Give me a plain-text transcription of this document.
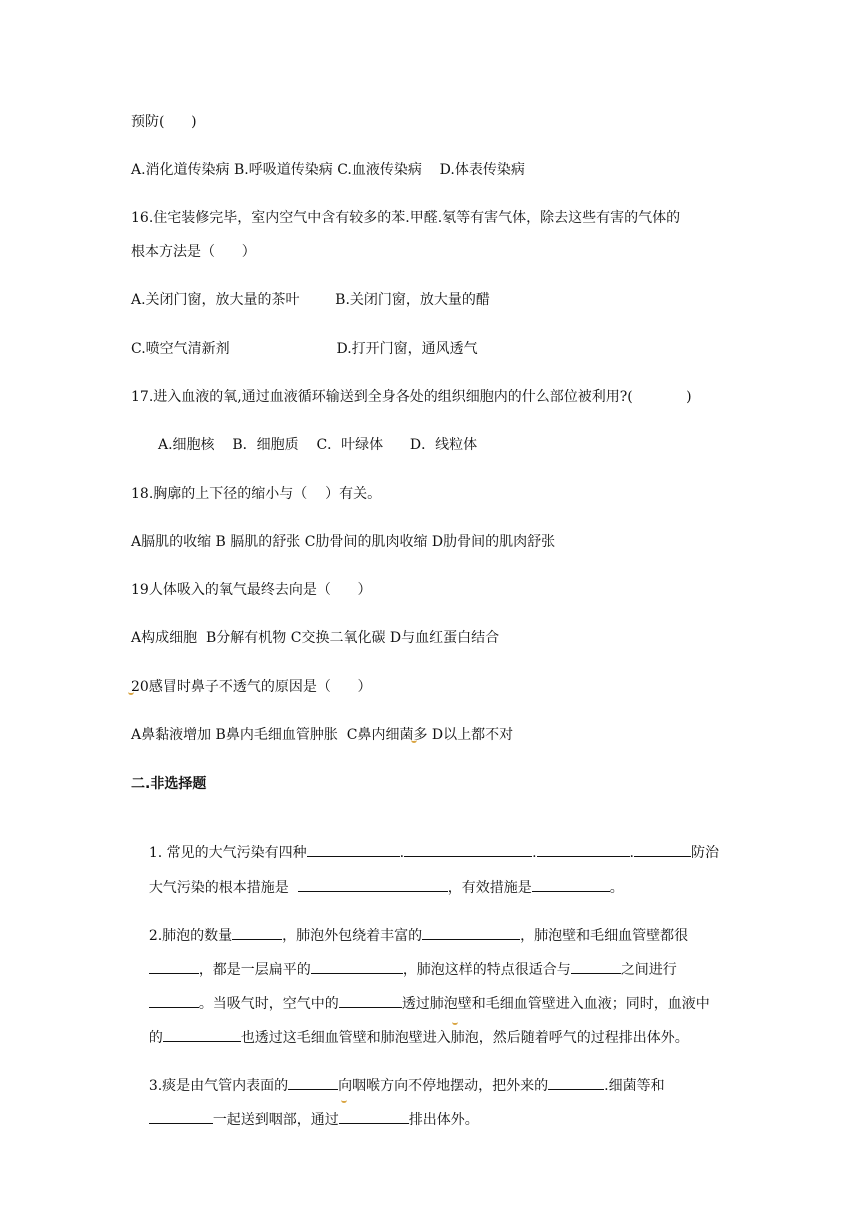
预防(      )
A.消化道传染病 B.呼吸道传染病 C.血液传染病    D.体表传染病
16.住宅装修完毕，室内空气中含有较多的苯.甲醛.氡等有害气体，除去这些有害的气体的
根本方法是（      ）
A.关闭门窗，放大量的茶叶        B.关闭门窗，放大量的醋
C.喷空气清新剂                        D.打开门窗，通风透气
17.进入血液的氧,通过血液循环输送到全身各处的组织细胞内的什么部位被利用?(            )
A.细胞核    B．细胞质    C．叶绿体      D．线粒体
18.胸廓的上下径的缩小与（    ）有关。
A膈肌的收缩 B 膈肌的舒张 C肋骨间的肌肉收缩 D肋骨间的肌肉舒张
19人体吸入的氧气最终去向是（      ）
A构成细胞  B分解有机物 C交换二氧化碳 D与血红蛋白结合
20感冒时鼻子不透气的原因是（      ）
A鼻黏液增加 B鼻内毛细血管肿胀  C鼻内细菌多 D以上都不对
二.非选择题

1. 常见的大气污染有四种	.	.	.	防治

大气污染的根本措施是	，有效措施是	。

2.肺泡的数量	，肺泡外包绕着丰富的	，肺泡壁和毛细血管壁都很

，都是一层扁平的	，肺泡这样的特点很适合与	之间进行

。当吸气时，空气中的	透过肺泡壁和毛细血管壁进入血液；同时，血液中

的	也透过这毛细血管壁和肺泡壁进入肺泡，然后随着呼气的过程排出体外。

3.痰是由气管内表面的	向咽喉方向不停地摆动，把外来的	.细菌等和

一起送到咽部，通过	排出体外。
